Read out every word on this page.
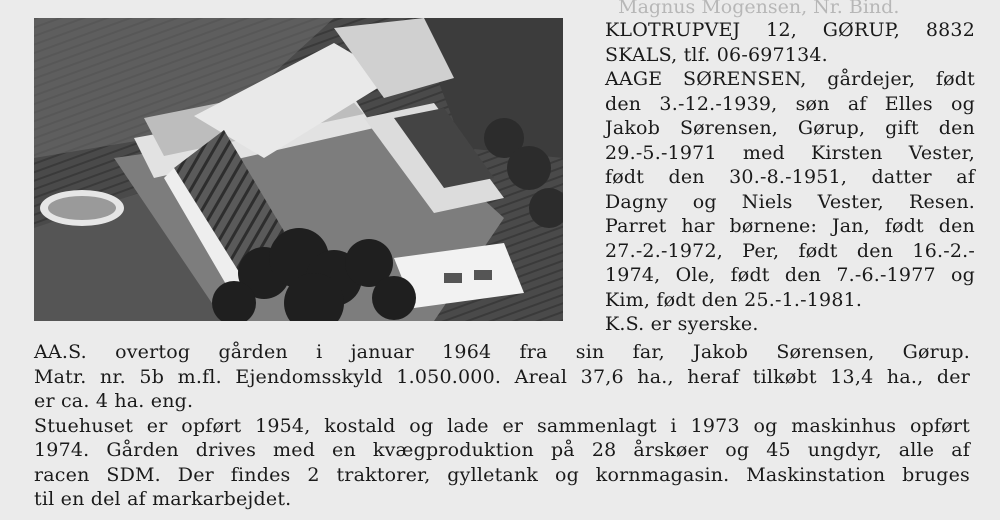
Magnus Mogensen, Nr. Bind.

KLOTRUPVEJ 12, GØRUP, 8832

SKALS, tlf. 06-697134.

AAGE SØRENSEN, gårdejer, født

den 3.-12.-1939, søn af Elles og

Jakob Sørensen, Gørup, gift den

29.-5.-1971 med Kirsten Vester,

født den 30.-8.-1951, datter af

Dagny og Niels Vester, Resen.

Parret har børnene: Jan, født den

27.-2.-1972, Per, født den 16.-2.-

1974, Ole, født den 7.-6.-1977 og

Kim, født den 25.-1.-1981.

K.S. er syerske.

AA.S. overtog gården i januar 1964 fra sin far, Jakob Sørensen, Gørup.

Matr. nr. 5b m.fl. Ejendomsskyld 1.050.000. Areal 37,6 ha., heraf tilkøbt 13,4 ha., der

er ca. 4 ha. eng.

Stuehuset er opført 1954, kostald og lade er sammenlagt i 1973 og maskinhus opført

1974. Gården drives med en kvægproduktion på 28 årskøer og 45 ungdyr, alle af

racen SDM. Der findes 2 traktorer, gylletank og kornmagasin. Maskinstation bruges

til en del af markarbejdet.
